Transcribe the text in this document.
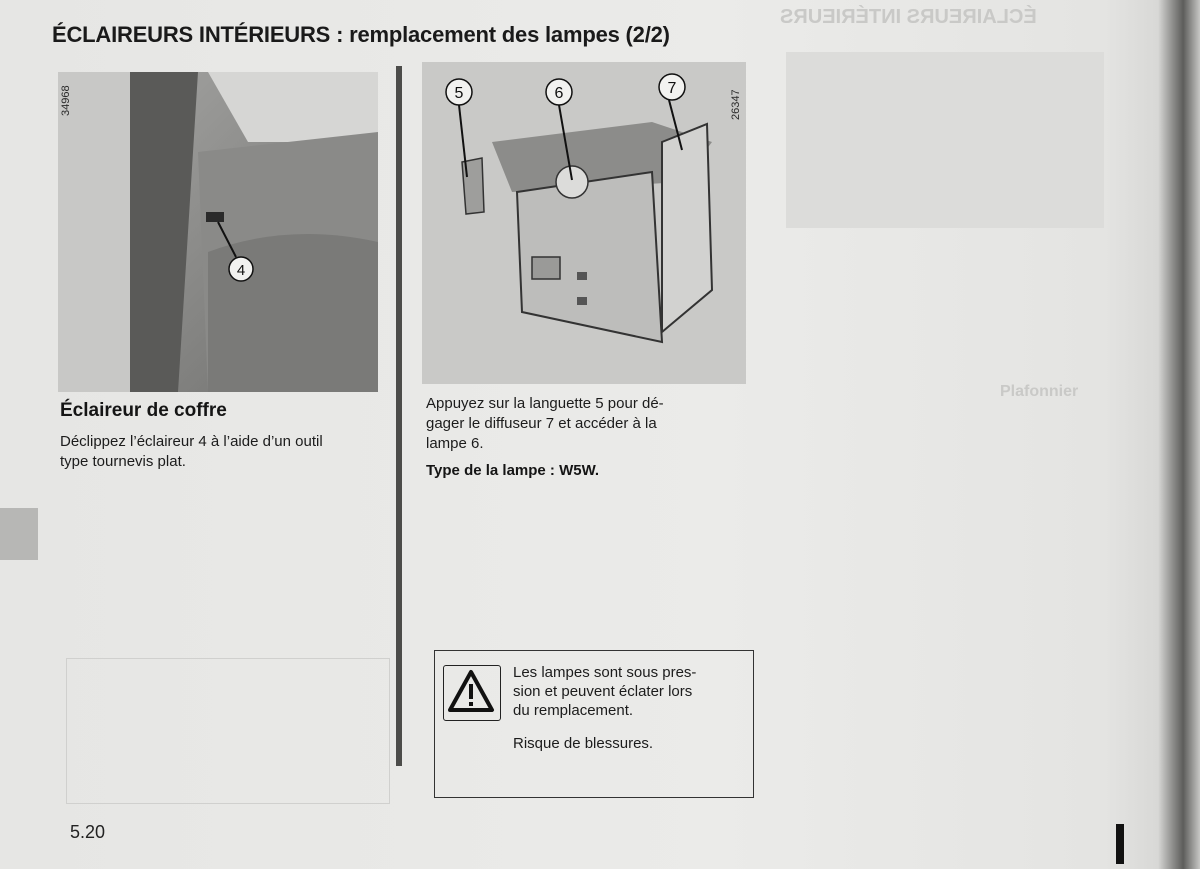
ÉCLAIREURS INTÉRIEURS
Plafonnier
ÉCLAIREURS INTÉRIEURS : remplacement des lampes (2/2)
4
34968	5	6	7
26347
Éclaireur de coffre
Déclippez l’éclaireur 4 à l’aide d’un outil
type tournevis plat.
Appuyez sur la languette 5 pour dé-
gager le diffuseur 7 et accéder à la
lampe 6.
Type de la lampe : W5W.
Les lampes sont sous pres-
sion et peuvent éclater lors
du remplacement.
Risque de blessures.
5.20
